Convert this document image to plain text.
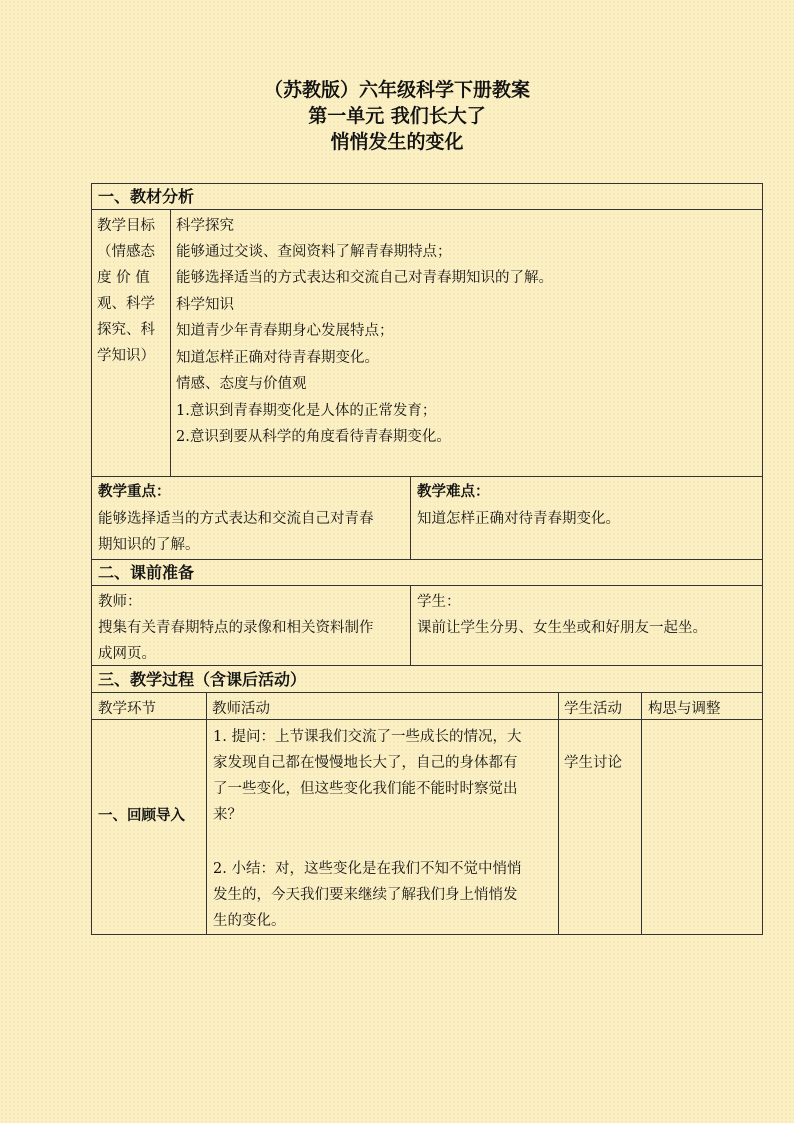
（苏教版）六年级科学下册教案
第一单元 我们长大了
悄悄发生的变化
一、教材分析
教学目标
（情感态
度 价 值
观、科学
探究、科
学知识）
科学探究
能够通过交谈、查阅资料了解青春期特点；
能够选择适当的方式表达和交流自己对青春期知识的了解。
科学知识
知道青少年青春期身心发展特点；
知道怎样正确对待青春期变化。
情感、态度与价值观
1.意识到青春期变化是人体的正常发育；
2.意识到要从科学的角度看待青春期变化。
教学重点：
能够选择适当的方式表达和交流自己对青春
期知识的了解。
教学难点：
知道怎样正确对待青春期变化。
二、课前准备
教师：
搜集有关青春期特点的录像和相关资料制作
成网页。
学生：
课前让学生分男、女生坐或和好朋友一起坐。
三、教学过程（含课后活动）
教学环节	教师活动	学生活动 构思与调整
一、回顾导入
1. 提问：上节课我们交流了一些成长的情况，大
家发现自己都在慢慢地长大了，自己的身体都有
了一些变化，但这些变化我们能不能时时察觉出
来？
2. 小结：对，这些变化是在我们不知不觉中悄悄
发生的，今天我们要来继续了解我们身上悄悄发
生的变化。
学生讨论
